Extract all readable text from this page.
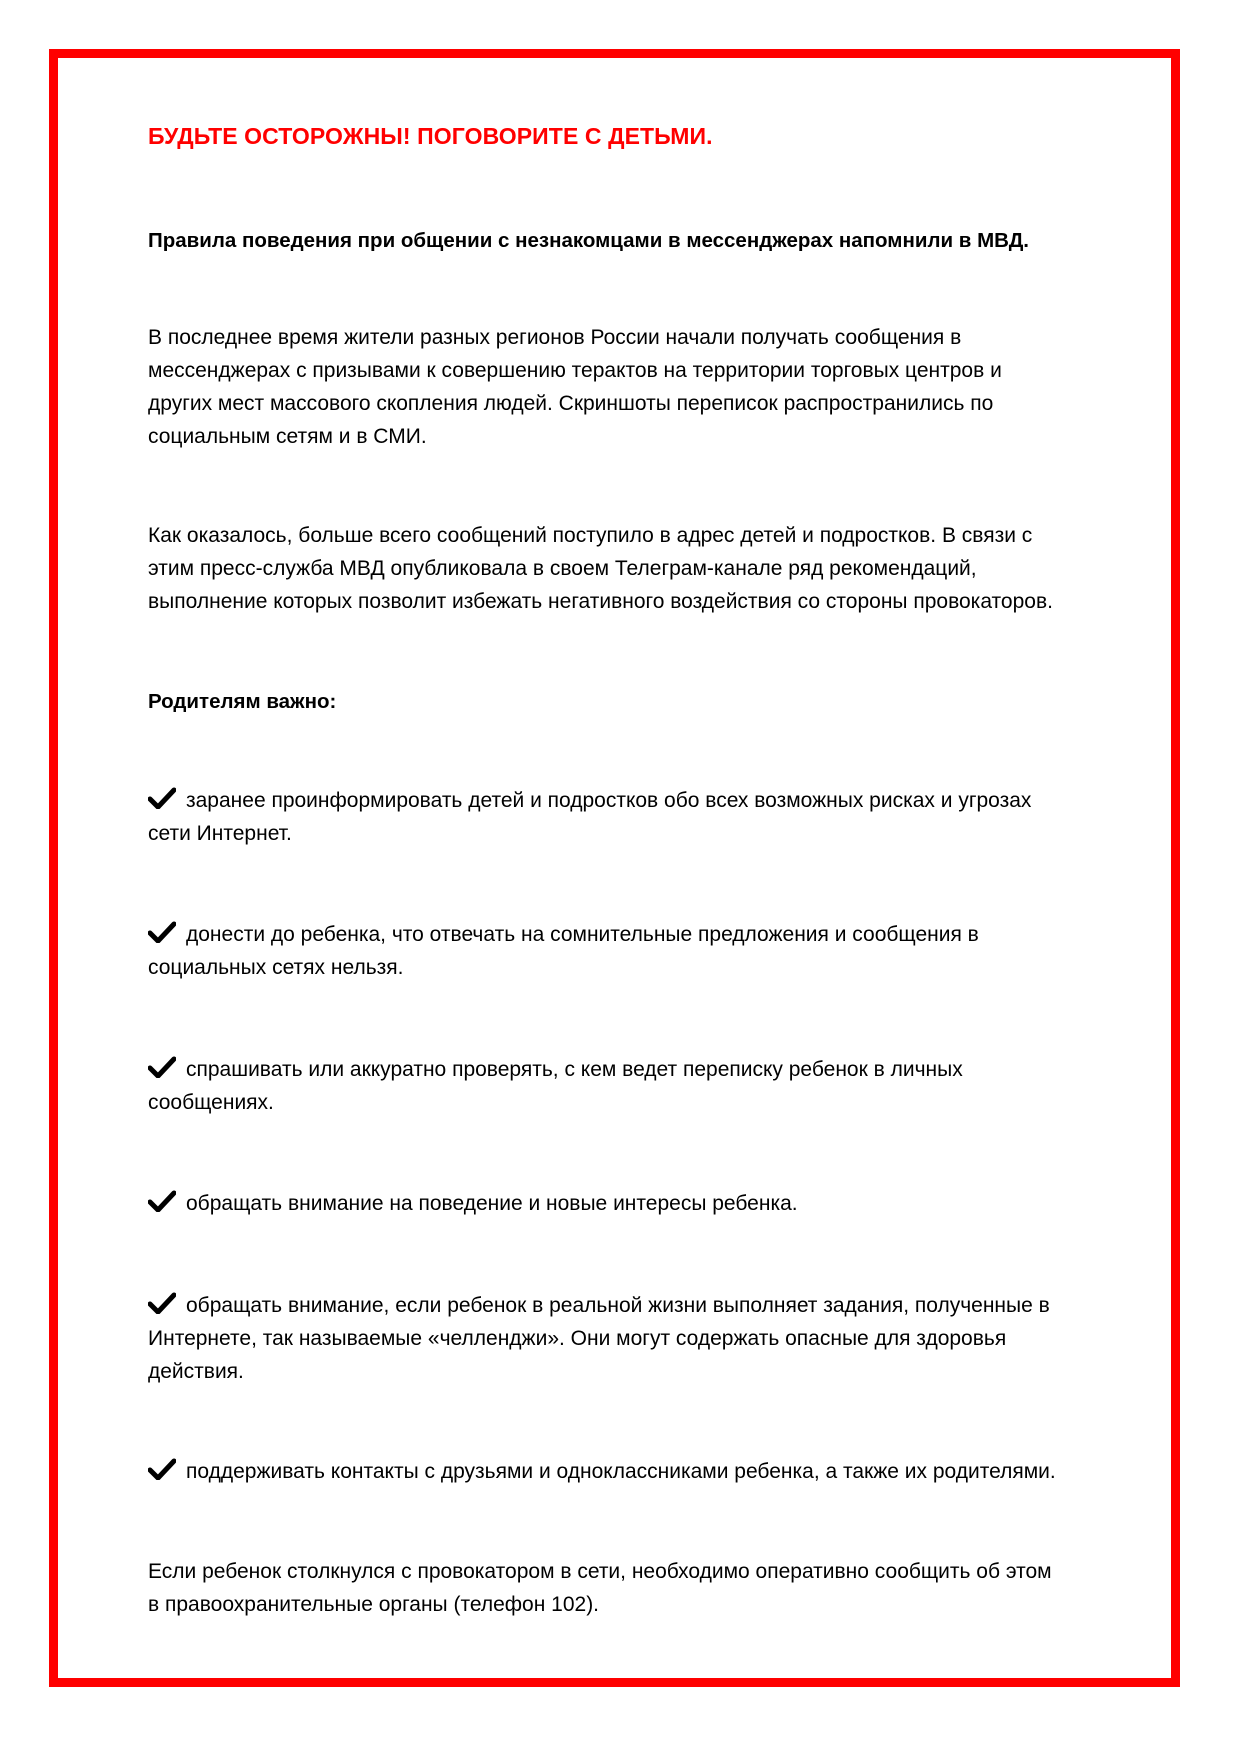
БУДЬТЕ ОСТОРОЖНЫ! ПОГОВОРИТЕ С ДЕТЬМИ.
Правила поведения при общении с незнакомцами в мессенджерах напомнили в МВД.
В последнее время жители разных регионов России начали получать сообщения в
мессенджерах с призывами к совершению терактов на территории торговых центров и
других мест массового скопления людей. Скриншоты переписок распространились по
социальным сетям и в СМИ.
Как оказалось, больше всего сообщений поступило в адрес детей и подростков. В связи с
этим пресс-служба МВД опубликовала в своем Телеграм-канале ряд рекомендаций,
выполнение которых позволит избежать негативного воздействия со стороны провокаторов.
Родителям важно:
заранее проинформировать детей и подростков обо всех возможных рисках и угрозах
сети Интернет.
донести до ребенка, что отвечать на сомнительные предложения и сообщения в
социальных сетях нельзя.
спрашивать или аккуратно проверять, с кем ведет переписку ребенок в личных
сообщениях.
обращать внимание на поведение и новые интересы ребенка.
обращать внимание, если ребенок в реальной жизни выполняет задания, полученные в
Интернете, так называемые «челленджи». Они могут содержать опасные для здоровья
действия.
поддерживать контакты с друзьями и одноклассниками ребенка, а также их родителями.
Если ребенок столкнулся с провокатором в сети, необходимо оперативно сообщить об этом
в правоохранительные органы (телефон 102).
